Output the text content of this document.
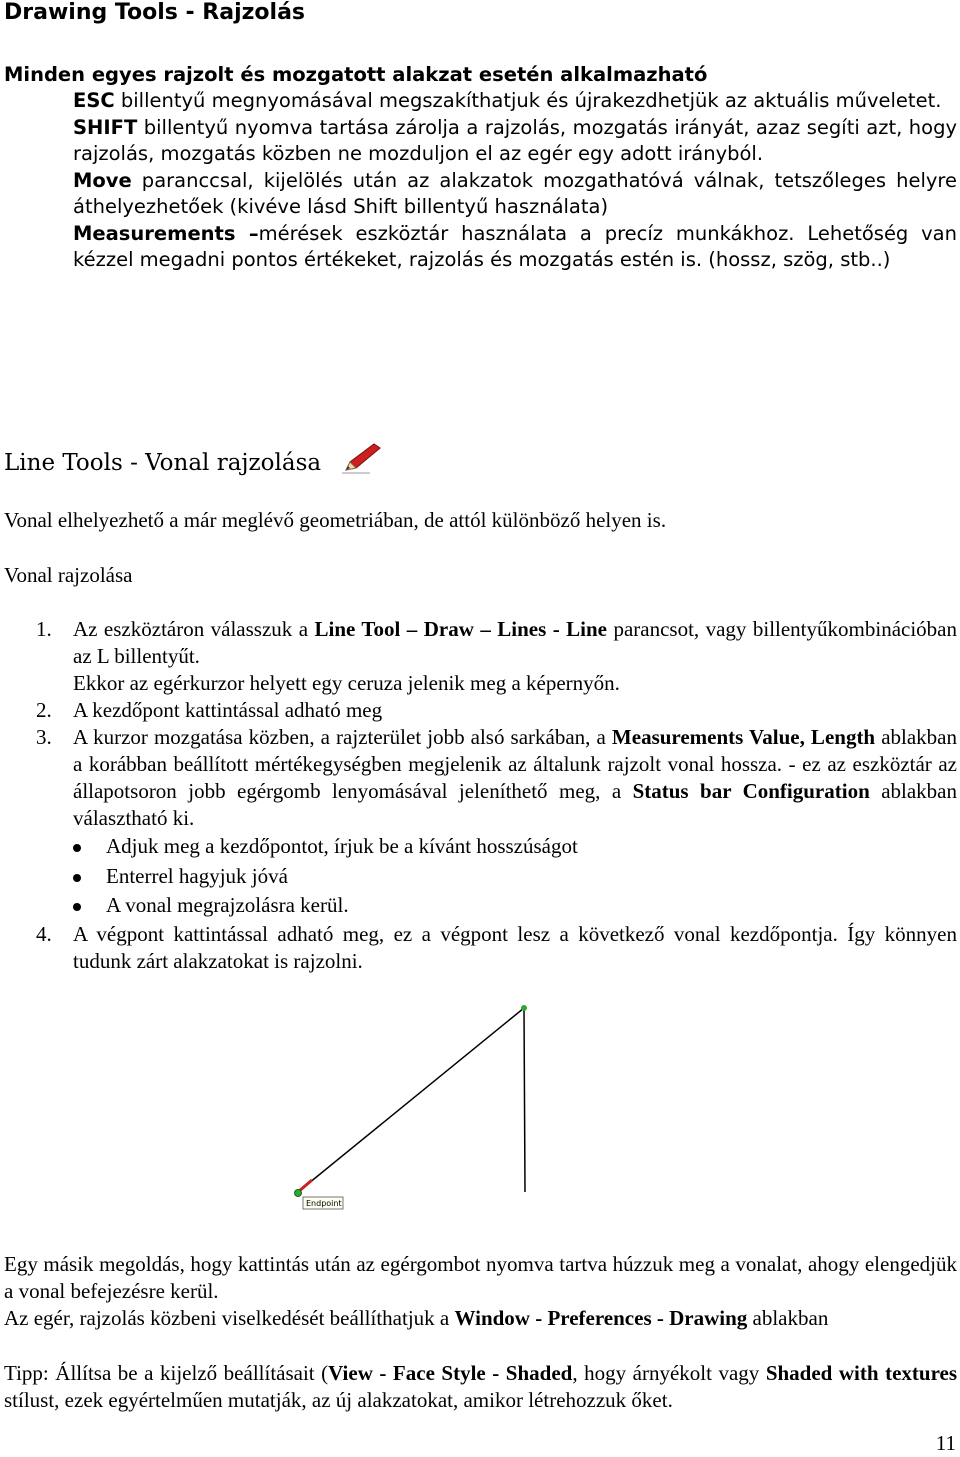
Drawing Tools - Rajzolás
Minden egyes rajzolt és mozgatott alakzat esetén alkalmazható

ESC billentyű megnyomásával megszakíthatjuk és újrakezdhetjük az aktuális műveletet.

SHIFT billentyű nyomva tartása zárolja a rajzolás, mozgatás irányát, azaz segíti azt, hogy rajzolás, mozgatás közben ne mozduljon el az egér egy adott irányból.

Move paranccsal, kijelölés után az alakzatok mozgathatóvá válnak, tetszőleges helyre áthelyezhetőek (kivéve lásd Shift billentyű használata)

Measurements –mérések eszköztár használata a precíz munkákhoz. Lehetőség van kézzel megadni pontos értékeket, rajzolás és mozgatás estén is. (hossz, szög, stb..)

Line Tools - Vonal rajzolása

Vonal elhelyezhető a már meglévő geometriában, de attól különböző helyen is.

Vonal rajzolása

1. Az eszköztáron válasszuk a Line Tool – Draw – Lines - Line parancsot, vagy billentyűkombinációban az L billentyűt.
Ekkor az egérkurzor helyett egy ceruza jelenik meg a képernyőn.
2. A kezdőpont kattintással adható meg
3. A kurzor mozgatása közben, a rajzterület jobb alsó sarkában, a Measurements Value, Length ablakban a korábban beállított mértékegységben megjelenik az általunk rajzolt vonal hossza. - ez az eszköztár az állapotsoron jobb egérgomb lenyomásával jeleníthető meg, a Status bar Configuration ablakban választható ki.
Adjuk meg a kezdőpontot, írjuk be a kívánt hosszúságot
Enterrel hagyjuk jóvá
A vonal megrajzolásra kerül.
4. A végpont kattintással adható meg, ez a végpont lesz a következő vonal kezdőpontja. Így könnyen tudunk zárt alakzatokat is rajzolni.
Endpoint

Egy másik megoldás, hogy kattintás után az egérgombot nyomva tartva húzzuk meg a vonalat, ahogy elengedjük a vonal befejezésre kerül.

Az egér, rajzolás közbeni viselkedését beállíthatjuk a Window - Preferences - Drawing ablakban

Tipp: Állítsa be a kijelző beállításait (View - Face Style - Shaded, hogy árnyékolt vagy Shaded with textures stílust, ezek egyértelműen mutatják, az új alakzatokat, amikor létrehozzuk őket.

11
